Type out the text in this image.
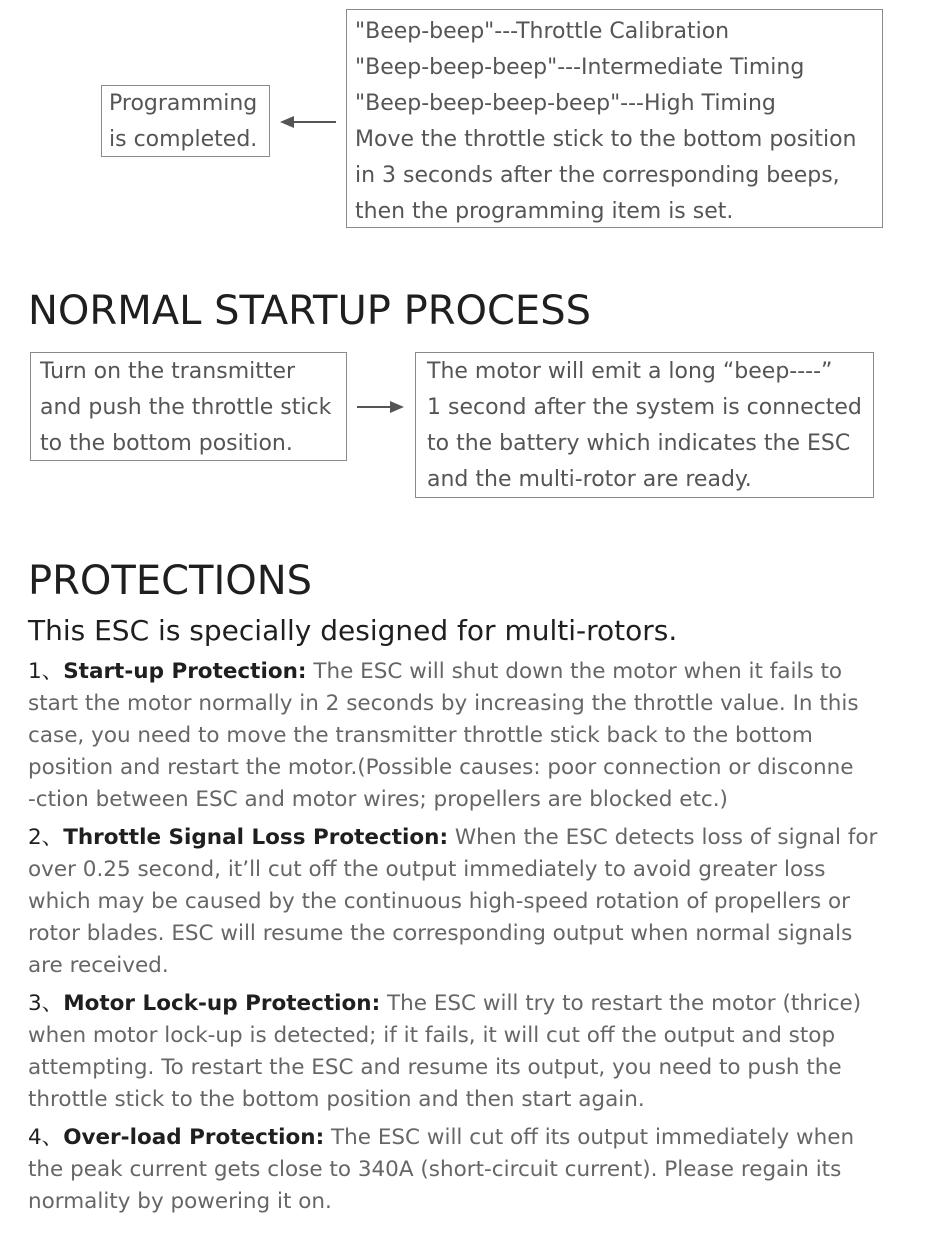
Programming
is completed.
"Beep-beep"---Throttle Calibration
"Beep-beep-beep"---Intermediate Timing
"Beep-beep-beep-beep"---High Timing
Move the throttle stick to the bottom position
in 3 seconds after the corresponding beeps,
then the programming item is set.
NORMAL STARTUP PROCESS
Turn on the transmitter
and push the throttle stick
to the bottom position.
The motor will emit a long “beep----”
1 second after the system is connected
to the battery which indicates the ESC
and the multi-rotor are ready.
PROTECTIONS
This ESC is specially designed for multi-rotors.

1、Start-up Protection: The ESC will shut down the motor when it fails to
start the motor normally in 2 seconds by increasing the throttle value. In this
case, you need to move the transmitter throttle stick back to the bottom
position and restart the motor.(Possible causes: poor connection or disconne
-ction between ESC and motor wires; propellers are blocked etc.)

2、Throttle Signal Loss Protection: When the ESC detects loss of signal for
over 0.25 second, it’ll cut off the output immediately to avoid greater loss
which may be caused by the continuous high-speed rotation of propellers or
rotor blades. ESC will resume the corresponding output when normal signals
are received.

3、Motor Lock-up Protection: The ESC will try to restart the motor (thrice)
when motor lock-up is detected; if it fails, it will cut off the output and stop
attempting. To restart the ESC and resume its output, you need to push the
throttle stick to the bottom position and then start again.

4、Over-load Protection: The ESC will cut off its output immediately when
the peak current gets close to 340A (short-circuit current). Please regain its
normality by powering it on.
